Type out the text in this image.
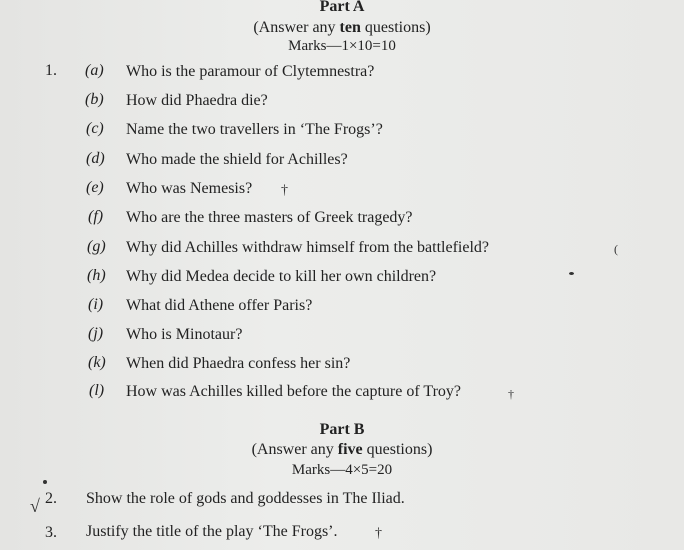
Part A
(Answer any ten questions)
Marks—1×10=10
1. (a) Who is the paramour of Clytemnestra?
(b) How did Phaedra die?
(c) Name the two travellers in ‘The Frogs’?
(d) Who made the shield for Achilles?
(e) Who was Nemesis? †
(f) Who are the three masters of Greek tragedy?
(g) Why did Achilles withdraw himself from the battlefield?	(
(h) Why did Medea decide to kill her own children?
(i) What did Athene offer Paris?
(j) Who is Minotaur?
(k) When did Phaedra confess her sin?
(l) How was Achilles killed before the capture of Troy?	†
Part B
(Answer any five questions)
Marks—4×5=20
√ 2. Show the role of gods and goddesses in The Iliad.
3. Justify the title of the play ‘The Frogs’.	†
